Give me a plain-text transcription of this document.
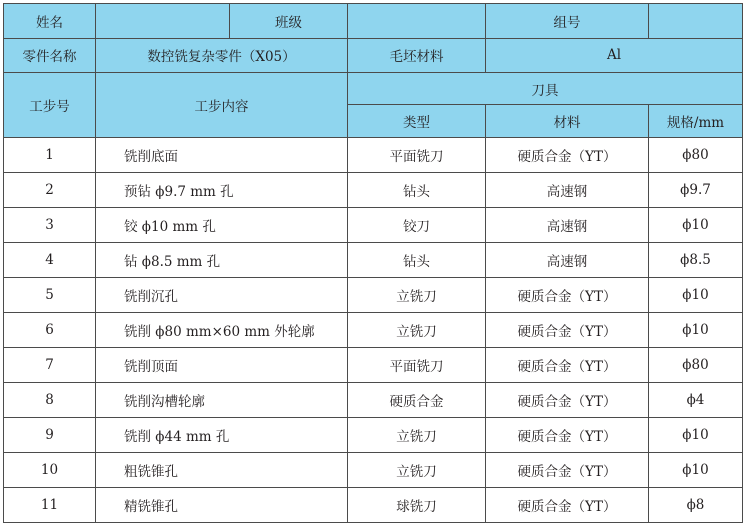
姓名		班级		组号	
零件名称	数控铣复杂零件（X05）		毛坯材料	Al	
工步号	工步内容		刀具		
			类型	材料	规格/mm
1	铣削底面		平面铣刀	硬质合金（YT）	ϕ80
2	预钻 ϕ9.7 mm 孔		钻头	高速钢	ϕ9.7
3	铰 ϕ10 mm 孔		铰刀	高速钢	ϕ10
4	钻 ϕ8.5 mm 孔		钻头	高速钢	ϕ8.5
5	铣削沉孔		立铣刀	硬质合金（YT）	ϕ10
6	铣削 ϕ80 mm×60 mm 外轮廓		立铣刀	硬质合金（YT）	ϕ10
7	铣削顶面		平面铣刀	硬质合金（YT）	ϕ80
8	铣削沟槽轮廓		硬质合金	硬质合金（YT）	ϕ4
9	铣削 ϕ44 mm 孔		立铣刀	硬质合金（YT）	ϕ10
10	粗铣锥孔		立铣刀	硬质合金（YT）	ϕ10
11	精铣锥孔		球铣刀	硬质合金（YT）	ϕ8
